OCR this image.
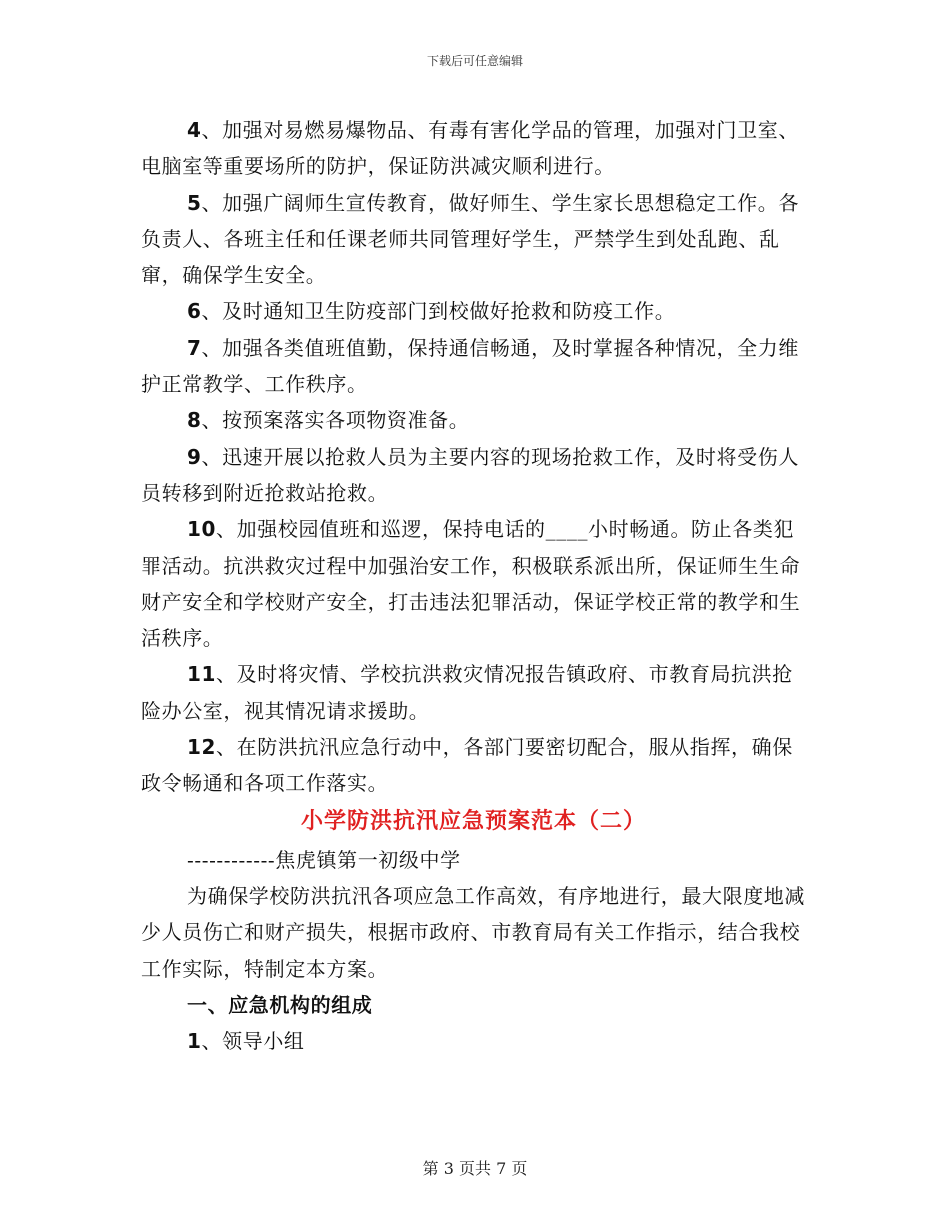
下载后可任意编辑

4、加强对易燃易爆物品、有毒有害化学品的管理，加强对门卫室、电脑室等重要场所的防护，保证防洪减灾顺利进行。

5、加强广阔师生宣传教育，做好师生、学生家长思想稳定工作。各负责人、各班主任和任课老师共同管理好学生，严禁学生到处乱跑、乱窜，确保学生安全。

6、及时通知卫生防疫部门到校做好抢救和防疫工作。

7、加强各类值班值勤，保持通信畅通，及时掌握各种情况，全力维护正常教学、工作秩序。

8、按预案落实各项物资准备。

9、迅速开展以抢救人员为主要内容的现场抢救工作，及时将受伤人员转移到附近抢救站抢救。

10、加强校园值班和巡逻，保持电话的____小时畅通。防止各类犯罪活动。抗洪救灾过程中加强治安工作，积极联系派出所，保证师生生命财产安全和学校财产安全，打击违法犯罪活动，保证学校正常的教学和生活秩序。

11、及时将灾情、学校抗洪救灾情况报告镇政府、市教育局抗洪抢险办公室，视其情况请求援助。

12、在防洪抗汛应急行动中，各部门要密切配合，服从指挥，确保政令畅通和各项工作落实。

小学防洪抗汛应急预案范本（二）

------------焦虎镇第一初级中学

为确保学校防洪抗汛各项应急工作高效，有序地进行，最大限度地减少人员伤亡和财产损失，根据市政府、市教育局有关工作指示，结合我校工作实际，特制定本方案。

一、应急机构的组成

1、领导小组

第 3 页共 7 页
